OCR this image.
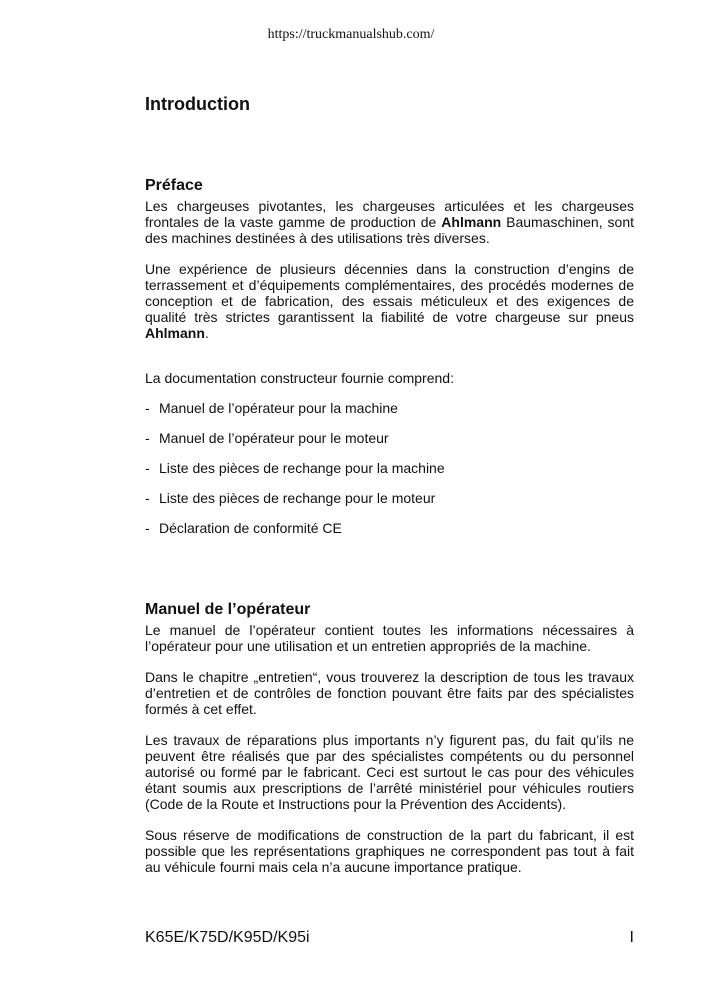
https://truckmanualshub.com/
Introduction
Préface

Les chargeuses pivotantes, les chargeuses articulées et les chargeuses frontales de la vaste gamme de production de Ahlmann Baumaschinen, sont des machines destinées à des utilisations très diverses.

Une expérience de plusieurs décennies dans la construction d’engins de terrassement et d’équipements complémentaires, des procédés modernes de conception et de fabrication, des essais méticuleux et des exigences de qualité très strictes garantissent la fiabilité de votre chargeuse sur pneus Ahlmann.

La documentation constructeur fournie comprend:

- Manuel de l’opérateur pour la machine
- Manuel de l’opérateur pour le moteur
- Liste des pièces de rechange pour la machine
- Liste des pièces de rechange pour le moteur
- Déclaration de conformité CE
Manuel de l’opérateur

Le manuel de l’opérateur contient toutes les informations nécessaires à l’opérateur pour une utilisation et un entretien appropriés de la machine.

Dans le chapitre „entretien“, vous trouverez la description de tous les travaux d’entretien et de contrôles de fonction pouvant être faits par des spécialistes formés à cet effet.

Les travaux de réparations plus importants n’y figurent pas, du fait qu’ils ne peuvent être réalisés que par des spécialistes compétents ou du personnel autorisé ou formé par le fabricant. Ceci est surtout le cas pour des véhicules étant soumis aux prescriptions de l’arrêté ministériel pour véhicules routiers (Code de la Route et Instructions pour la Prévention des Accidents).

Sous réserve de modifications de construction de la part du fabricant, il est possible que les représentations graphiques ne correspondent pas tout à fait au véhicule fourni mais cela n’a aucune importance pratique.

K65E/K75D/K95D/K95i	I
